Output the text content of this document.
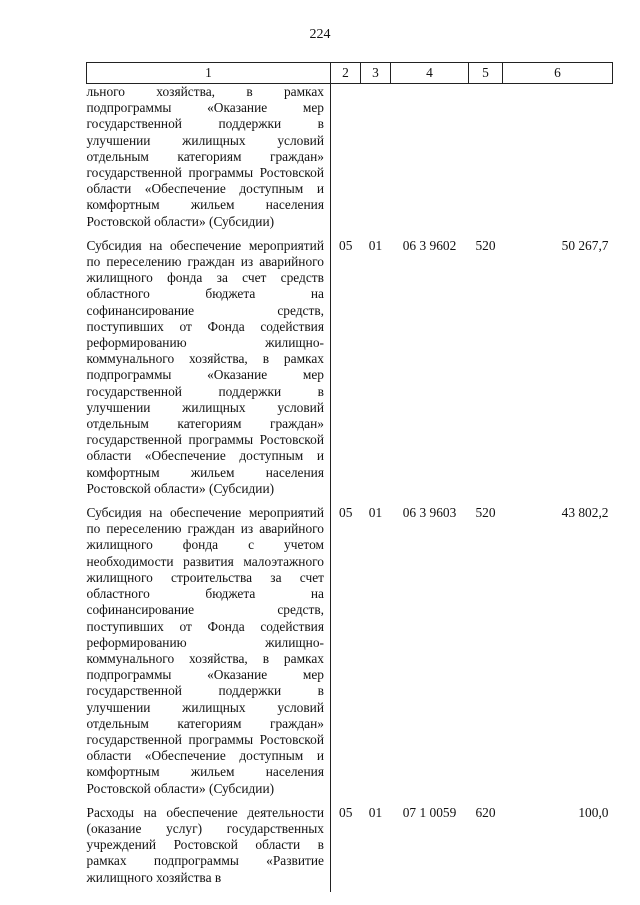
224
1	2	3	4	5	6
льного хозяйства, в рамках подпрограммы «Оказание мер государственной поддержки в улучшении жилищных условий отдельным категориям граждан» государственной программы Ростовской области «Обеспечение доступным и комфортным жильем населения Ростовской области» (Субсидии)					
Субсидия на обеспечение мероприятий по переселению граждан из аварийного жилищного фонда за счет средств областного бюджета на софинансирование средств, поступивших от Фонда содействия реформированию жилищно-коммунального хозяйства, в рамках подпрограммы «Оказание мер государственной поддержки в улучшении жилищных условий отдельным категориям граждан» государственной программы Ростовской области «Обеспечение доступным и комфортным жильем населения Ростовской области» (Субсидии)	05	01	06 3 9602	520	50 267,7
Субсидия на обеспечение мероприятий по переселению граждан из аварийного жилищного фонда с учетом необходимости развития малоэтажного жилищного строительства за счет областного бюджета на софинансирование средств, поступивших от Фонда содействия реформированию жилищно-коммунального хозяйства, в рамках подпрограммы «Оказание мер государственной поддержки в улучшении жилищных условий отдельным категориям граждан» государственной программы Ростовской области «Обеспечение доступным и комфортным жильем населения Ростовской области» (Субсидии)	05	01	06 3 9603	520	43 802,2
Расходы на обеспечение деятельности (оказание услуг) государственных учреждений Ростовской области в рамках подпрограммы «Развитие жилищного хозяйства в	05	01	07 1 0059	620	100,0
